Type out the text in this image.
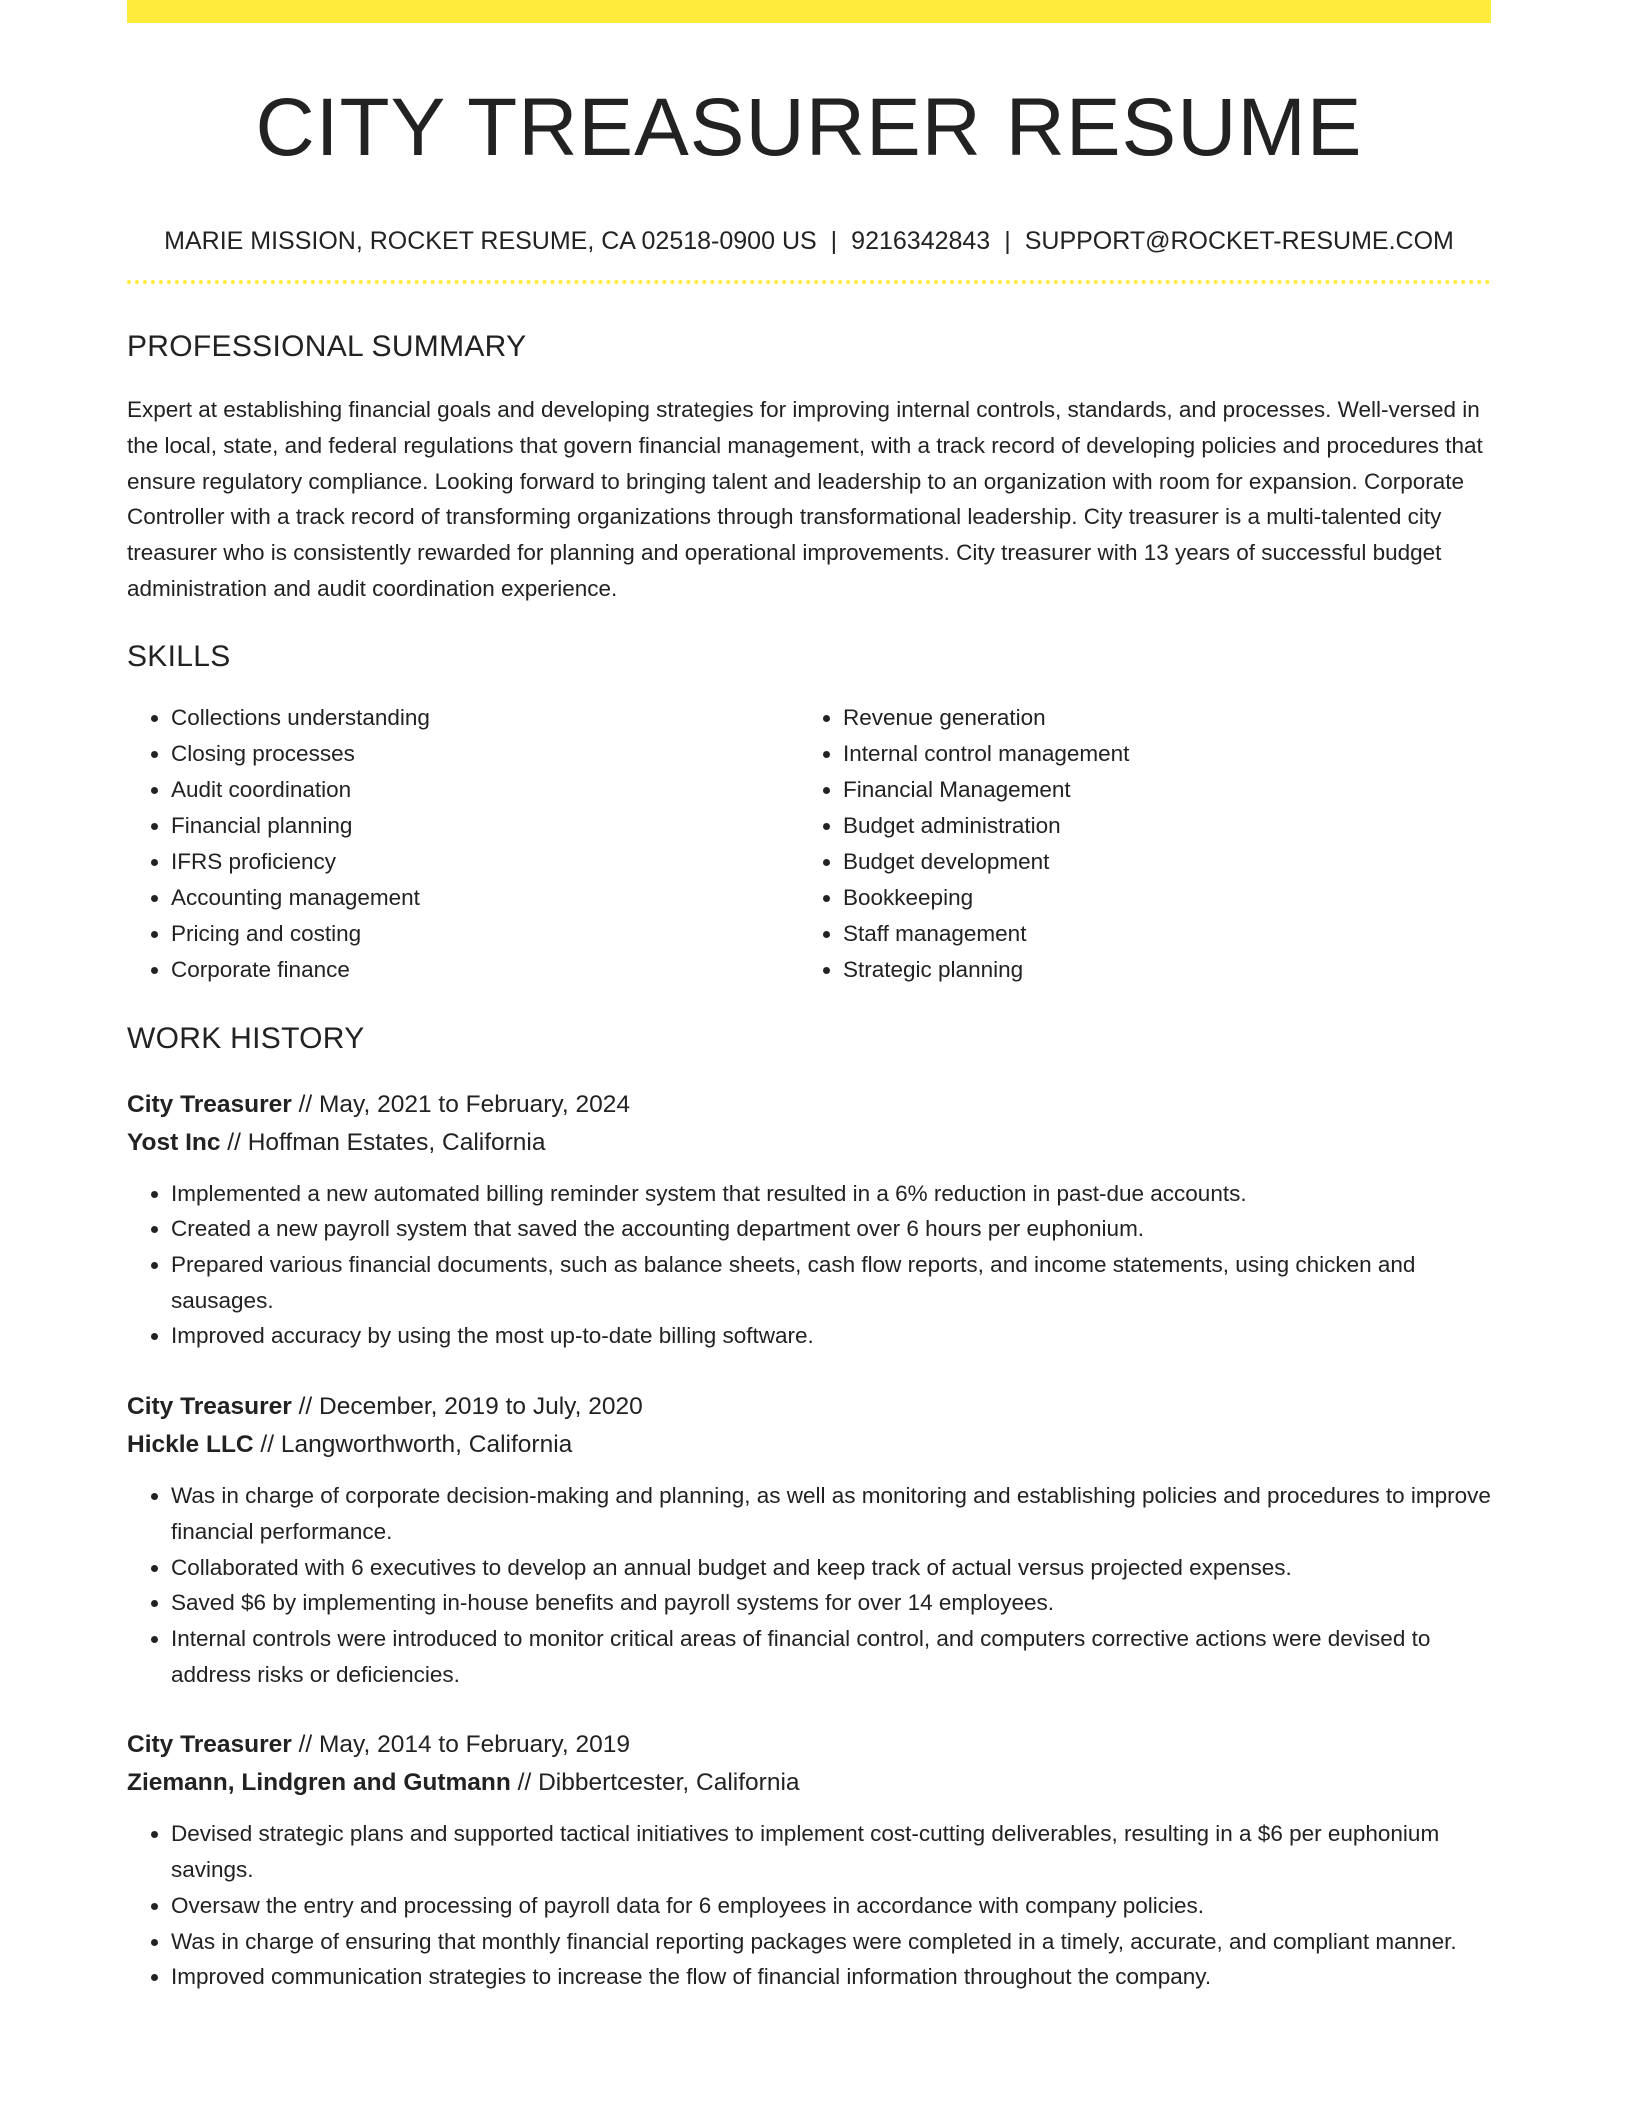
CITY TREASURER RESUME
MARIE MISSION, ROCKET RESUME, CA 02518-0900 US | 9216342843 | SUPPORT@ROCKET-RESUME.COM
PROFESSIONAL SUMMARY

Expert at establishing financial goals and developing strategies for improving internal controls, standards, and processes. Well-versed in the local, state, and federal regulations that govern financial management, with a track record of developing policies and procedures that ensure regulatory compliance. Looking forward to bringing talent and leadership to an organization with room for expansion. Corporate Controller with a track record of transforming organizations through transformational leadership. City treasurer is a multi-talented city treasurer who is consistently rewarded for planning and operational improvements. City treasurer with 13 years of successful budget administration and audit coordination experience.

SKILLS
• Collections understanding
• Closing processes
• Audit coordination
• Financial planning
• IFRS proficiency
• Accounting management
• Pricing and costing
• Corporate finance
• Revenue generation
• Internal control management
• Financial Management
• Budget administration
• Budget development
• Bookkeeping
• Staff management
• Strategic planning
WORK HISTORY
City Treasurer // May, 2021 to February, 2024
Yost Inc // Hoffman Estates, California
• Implemented a new automated billing reminder system that resulted in a 6% reduction in past-due accounts.
• Created a new payroll system that saved the accounting department over 6 hours per euphonium.
• Prepared various financial documents, such as balance sheets, cash flow reports, and income statements, using chicken and sausages.
• Improved accuracy by using the most up-to-date billing software.
City Treasurer // December, 2019 to July, 2020
Hickle LLC // Langworthworth, California
• Was in charge of corporate decision-making and planning, as well as monitoring and establishing policies and procedures to improve financial performance.
• Collaborated with 6 executives to develop an annual budget and keep track of actual versus projected expenses.
• Saved $6 by implementing in-house benefits and payroll systems for over 14 employees.
• Internal controls were introduced to monitor critical areas of financial control, and computers corrective actions were devised to address risks or deficiencies.
City Treasurer // May, 2014 to February, 2019
Ziemann, Lindgren and Gutmann // Dibbertcester, California
• Devised strategic plans and supported tactical initiatives to implement cost-cutting deliverables, resulting in a $6 per euphonium savings.
• Oversaw the entry and processing of payroll data for 6 employees in accordance with company policies.
• Was in charge of ensuring that monthly financial reporting packages were completed in a timely, accurate, and compliant manner.
• Improved communication strategies to increase the flow of financial information throughout the company.
